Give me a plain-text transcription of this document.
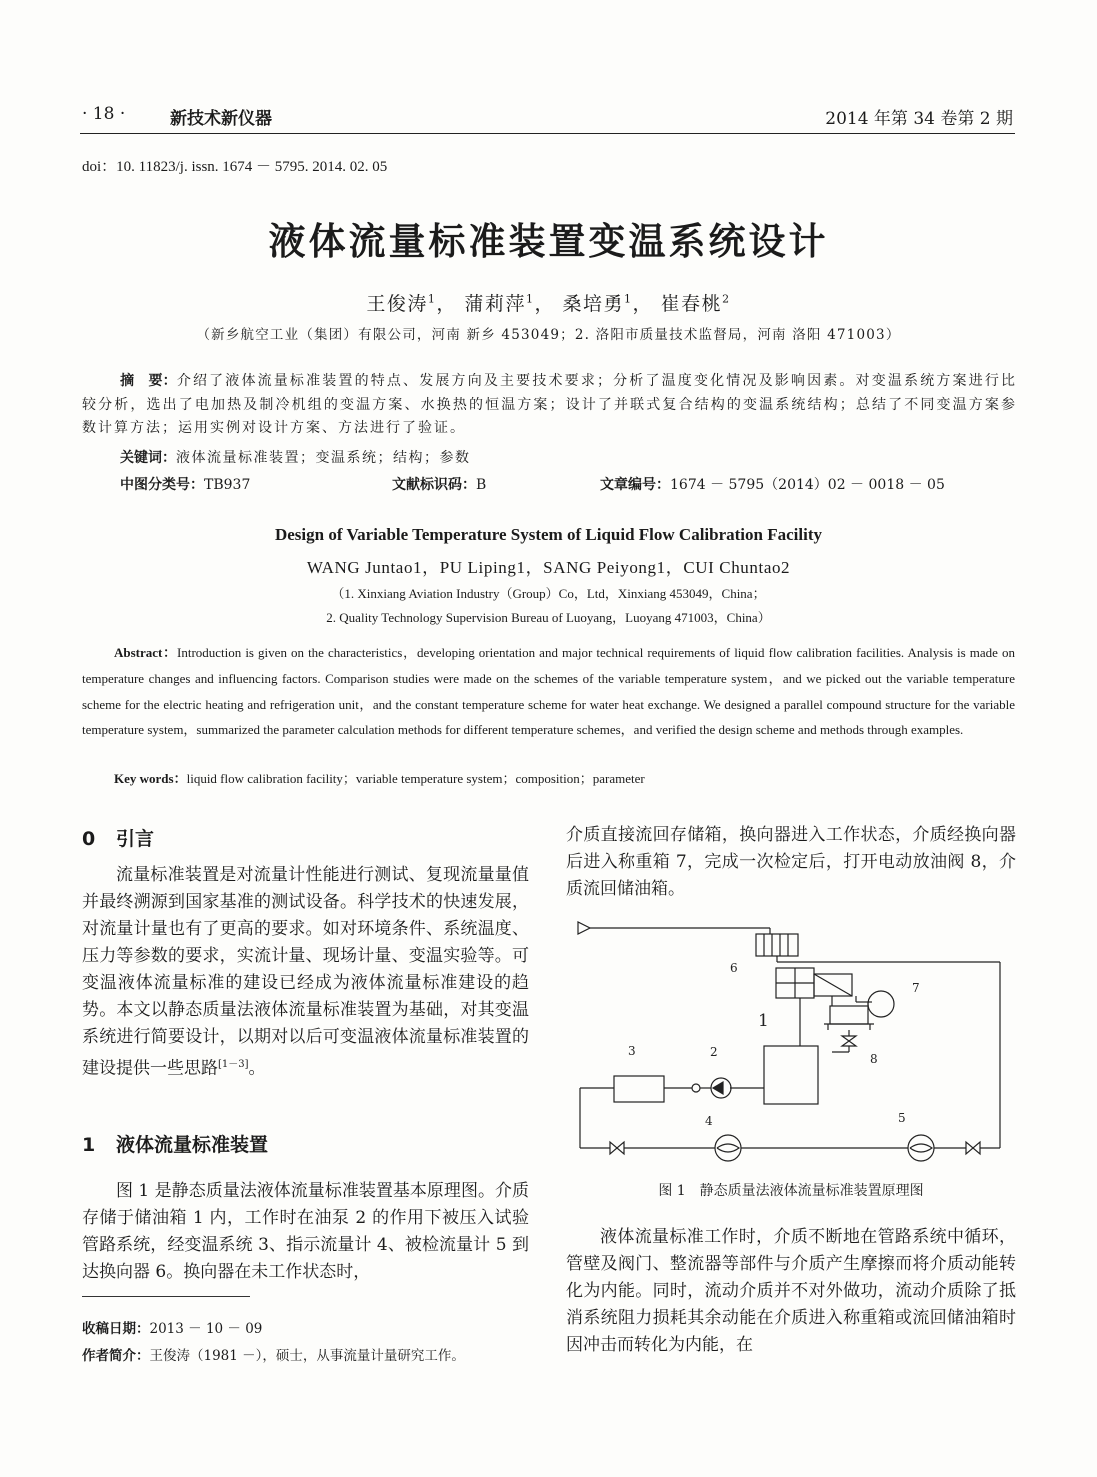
· 18 ·	新技术新仪器	2014 年第 34 卷第 2 期
doi：10. 11823/j. issn. 1674 － 5795. 2014. 02. 05
液体流量标准装置变温系统设计
王俊涛$^1$， 蒲莉萍$^1$， 桑培勇$^1$， 崔春桃$^2$
（新乡航空工业（集团）有限公司，河南 新乡 453049；2. 洛阳市质量技术监督局，河南 洛阳 471003）
摘　要：介绍了液体流量标准装置的特点、发展方向及主要技术要求；分析了温度变化情况及影响因素。对变温系统方案进行比较分析，选出了电加热及制冷机组的变温方案、水换热的恒温方案；设计了并联式复合结构的变温系统结构；总结了不同变温方案参数计算方法；运用实例对设计方案、方法进行了验证。
关键词：液体流量标准装置；变温系统；结构；参数
中图分类号：TB937	文献标识码：B	文章编号：1674 － 5795（2014）02 － 0018 － 05
Design of Variable Temperature System of Liquid Flow Calibration Facility
WANG Juntao1，PU Liping1，SANG Peiyong1，CUI Chuntao2
（1. Xinxiang Aviation Industry（Group）Co，Ltd，Xinxiang 453049，China；
2. Quality Technology Supervision Bureau of Luoyang，Luoyang 471003，China）
Abstract：Introduction is given on the characteristics，developing orientation and major technical requirements of liquid flow calibration facilities. Analysis is made on temperature changes and influencing factors. Comparison studies were made on the schemes of the variable temperature system，and we picked out the variable temperature scheme for the electric heating and refrigeration unit，and the constant temperature scheme for water heat exchange. We designed a parallel compound structure for the variable temperature system，summarized the parameter calculation methods for different temperature schemes，and verified the design scheme and methods through examples.
Key words：liquid flow calibration facility；variable temperature system；composition；parameter
0 引言
流量标准装置是对流量计性能进行测试、复现流量量值并最终溯源到国家基准的测试设备。科学技术的快速发展，对流量计量也有了更高的要求。如对环境条件、系统温度、压力等参数的要求，实流计量、现场计量、变温实验等。可变温液体流量标准的建设已经成为液体流量标准建设的趋势。本文以静态质量法液体流量标准装置为基础，对其变温系统进行简要设计，以期对以后可变温液体流量标准装置的建设提供一些思路[1－3]。
1 液体流量标准装置
图 1 是静态质量法液体流量标准装置基本原理图。介质存储于储油箱 1 内，工作时在油泵 2 的作用下被压入试验管路系统，经变温系统 3、指示流量计 4、被检流量计 5 到达换向器 6。换向器在未工作状态时，
收稿日期：2013 － 10 － 09
作者简介：王俊涛（1981 －），硕士，从事流量计量研究工作。
介质直接流回存储箱，换向器进入工作状态，介质经换向器后进入称重箱 7，完成一次检定后，打开电动放油阀 8，介质流回储油箱。
6
7
1
2
3
8
4	5
图 1　静态质量法液体流量标准装置原理图
液体流量标准工作时，介质不断地在管路系统中循环，管壁及阀门、整流器等部件与介质产生摩擦而将介质动能转化为内能。同时，流动介质并不对外做功，流动介质除了抵消系统阻力损耗其余动能在介质进入称重箱或流回储油箱时因冲击而转化为内能，在
